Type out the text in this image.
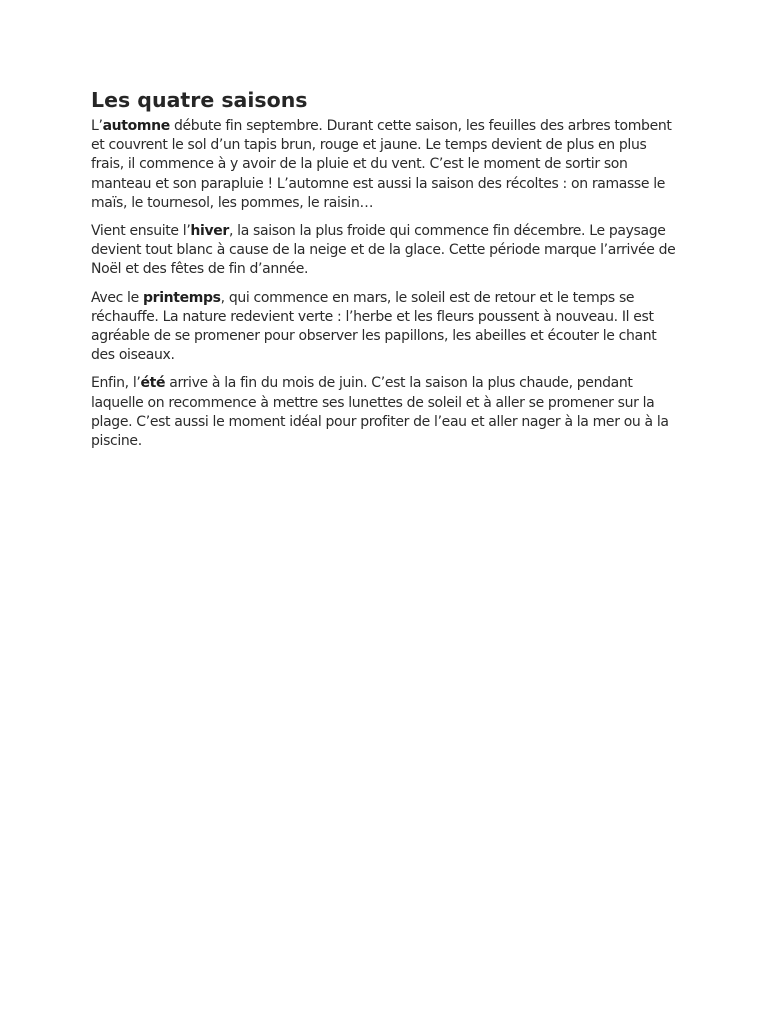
Les quatre saisons

L’automne débute fin septembre. Durant cette saison, les feuilles des arbres tombent et couvrent le sol d’un tapis brun, rouge et jaune. Le temps devient de plus en plus frais, il commence à y avoir de la pluie et du vent. C’est le moment de sortir son manteau et son parapluie ! L’automne est aussi la saison des récoltes : on ramasse le maïs, le tournesol, les pommes, le raisin…

Vient ensuite l’hiver, la saison la plus froide qui commence fin décembre. Le paysage devient tout blanc à cause de la neige et de la glace. Cette période marque l’arrivée de Noël et des fêtes de fin d’année.

Avec le printemps, qui commence en mars, le soleil est de retour et le temps se réchauffe. La nature redevient verte : l’herbe et les fleurs poussent à nouveau. Il est agréable de se promener pour observer les papillons, les abeilles et écouter le chant des oiseaux.

Enfin, l’été arrive à la fin du mois de juin. C’est la saison la plus chaude, pendant laquelle on recommence à mettre ses lunettes de soleil et à aller se promener sur la plage. C’est aussi le moment idéal pour profiter de l’eau et aller nager à la mer ou à la piscine.
